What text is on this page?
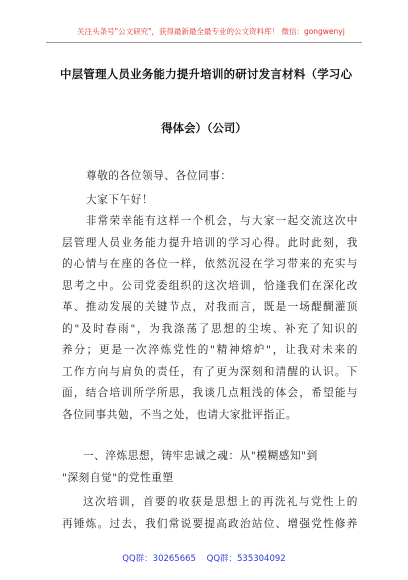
关注头条号"公文研究"，获得最新最全最专业的公文资料库！ 微信：gongwenyj
中层管理人员业务能力提升培训的研讨发言材料（学习心
得体会）（公司）
尊敬的各位领导、各位同事：
大家下午好！
　　非常荣幸能有这样一个机会，与大家一起交流这次中
层管理人员业务能力提升培训的学习心得。此时此刻，我
的心情与在座的各位一样，依然沉浸在学习带来的充实与
思考之中。公司党委组织的这次培训，恰逢我们在深化改
革、推动发展的关键节点，对我而言，既是一场醍醐灌顶
的"及时春雨"，为我涤荡了思想的尘埃、补充了知识的
养分；更是一次淬炼党性的"精神熔炉"，让我对未来的
工作方向与肩负的责任，有了更为深刻和清醒的认识。下
面，结合培训所学所思，我谈几点粗浅的体会，希望能与
各位同事共勉，不当之处，也请大家批评指正。
一、淬炼思想，铸牢忠诚之魂：从"模糊感知"到
"深刻自觉"的党性重塑
这次培训，首要的收获是思想上的再洗礼与党性上的
再锤炼。过去，我们常说要提高政治站位、增强党性修养
QQ群：30265665 QQ群：535304092
